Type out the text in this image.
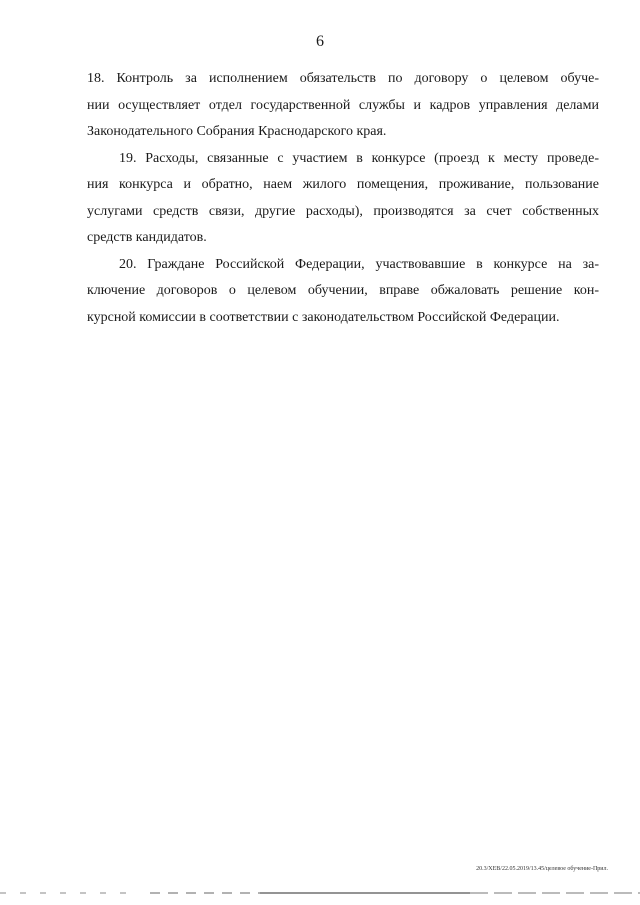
6
18. Контроль за исполнением обязательств по договору о целевом обуче-
нии осуществляет отдел государственной службы и кадров управления делами
Законодательного Собрания Краснодарского края.
19. Расходы, связанные с участием в конкурсе (проезд к месту проведе-
ния конкурса и обратно, наем жилого помещения, проживание, пользование
услугами средств связи, другие расходы), производятся за счет собственных
средств кандидатов.
20. Граждане Российской Федерации, участвовавшие в конкурсе на за-
ключение договоров о целевом обучении, вправе обжаловать решение кон-
курсной комиссии в соответствии с законодательством Российской Федерации.
20.3/ХЕВ/22.05.2019/13.45/целевое обучение-Прил.
